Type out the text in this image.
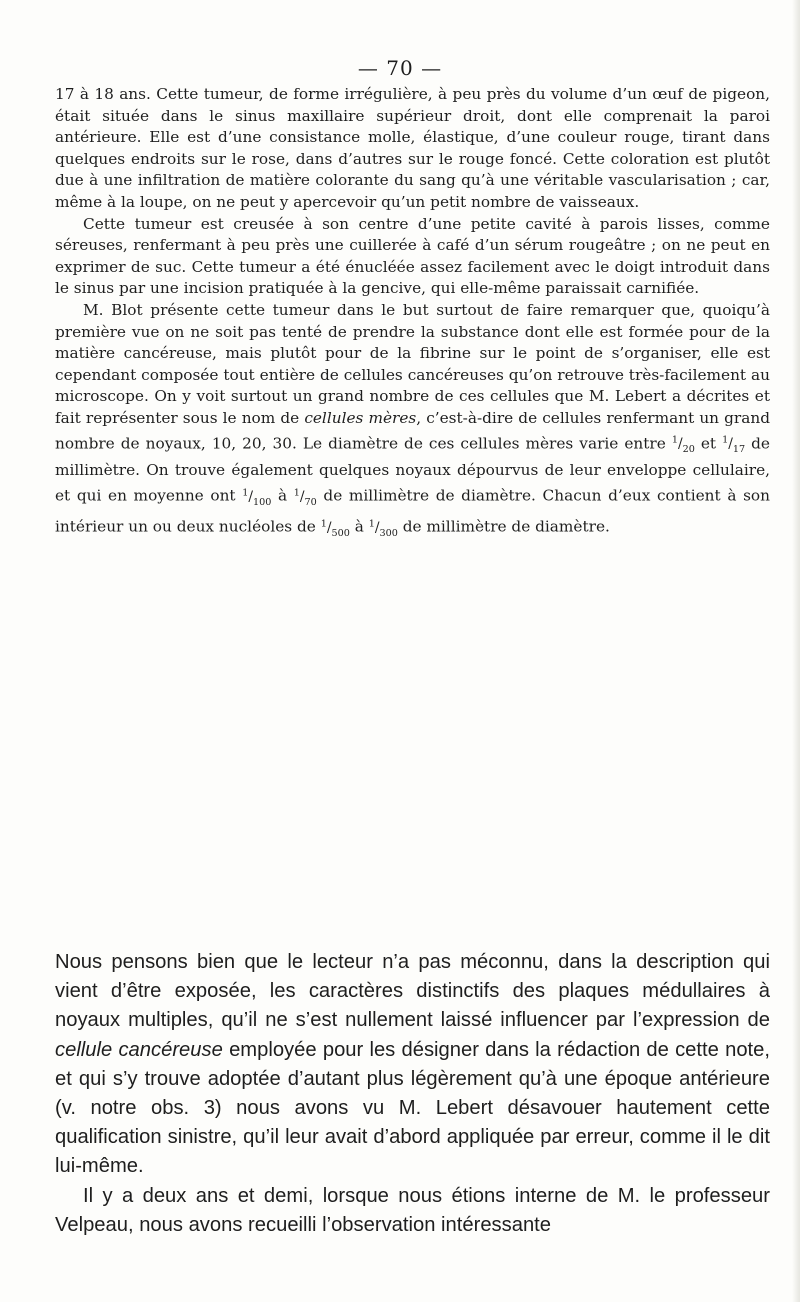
— 70 —

17 à 18 ans. Cette tumeur, de forme irrégulière, à peu près du volume d’un œuf de pigeon, était située dans le sinus maxillaire supérieur droit, dont elle comprenait la paroi antérieure. Elle est d’une consistance molle, élastique, d’une couleur rouge, tirant dans quelques endroits sur le rose, dans d’autres sur le rouge foncé. Cette coloration est plutôt due à une infiltration de matière colorante du sang qu’à une véritable vascularisation ; car, même à la loupe, on ne peut y apercevoir qu’un petit nombre de vaisseaux.

Cette tumeur est creusée à son centre d’une petite cavité à parois lisses, comme séreuses, renfermant à peu près une cuillerée à café d’un sérum rougeâtre ; on ne peut en exprimer de suc. Cette tumeur a été énucléée assez facilement avec le doigt introduit dans le sinus par une incision pratiquée à la gencive, qui elle-même paraissait carnifiée.

M. Blot présente cette tumeur dans le but surtout de faire remarquer que, quoiqu’à première vue on ne soit pas tenté de prendre la substance dont elle est formée pour de la matière cancéreuse, mais plutôt pour de la fibrine sur le point de s’organiser, elle est cependant composée tout entière de cellules cancéreuses qu’on retrouve très-facilement au microscope. On y voit surtout un grand nombre de ces cellules que M. Lebert a décrites et fait représenter sous le nom de cellules mères, c’est-à-dire de cellules renfermant un grand nombre de noyaux, 10, 20, 30. Le diamètre de ces cellules mères varie entre $^1/_{20}$ et $^1/_{17}$ de millimètre. On trouve également quelques noyaux dépourvus de leur enveloppe cellulaire, et qui en moyenne ont $^1/_{100}$ à $^1/_{70}$ de millimètre de diamètre. Chacun d’eux contient à son intérieur un ou deux nucléoles de $^1/_{500}$ à $^1/_{300}$ de millimètre de diamètre.

Nous pensons bien que le lecteur n’a pas méconnu, dans la description qui vient d’être exposée, les caractères distinctifs des plaques médullaires à noyaux multiples, qu’il ne s’est nullement laissé influencer par l’expression de cellule cancéreuse employée pour les désigner dans la rédaction de cette note, et qui s’y trouve adoptée d’autant plus légèrement qu’à une époque antérieure (v. notre obs. 3) nous avons vu M. Lebert désavouer hautement cette qualification sinistre, qu’il leur avait d’abord appliquée par erreur, comme il le dit lui-même.

Il y a deux ans et demi, lorsque nous étions interne de M. le professeur Velpeau, nous avons recueilli l’observation intéressante
